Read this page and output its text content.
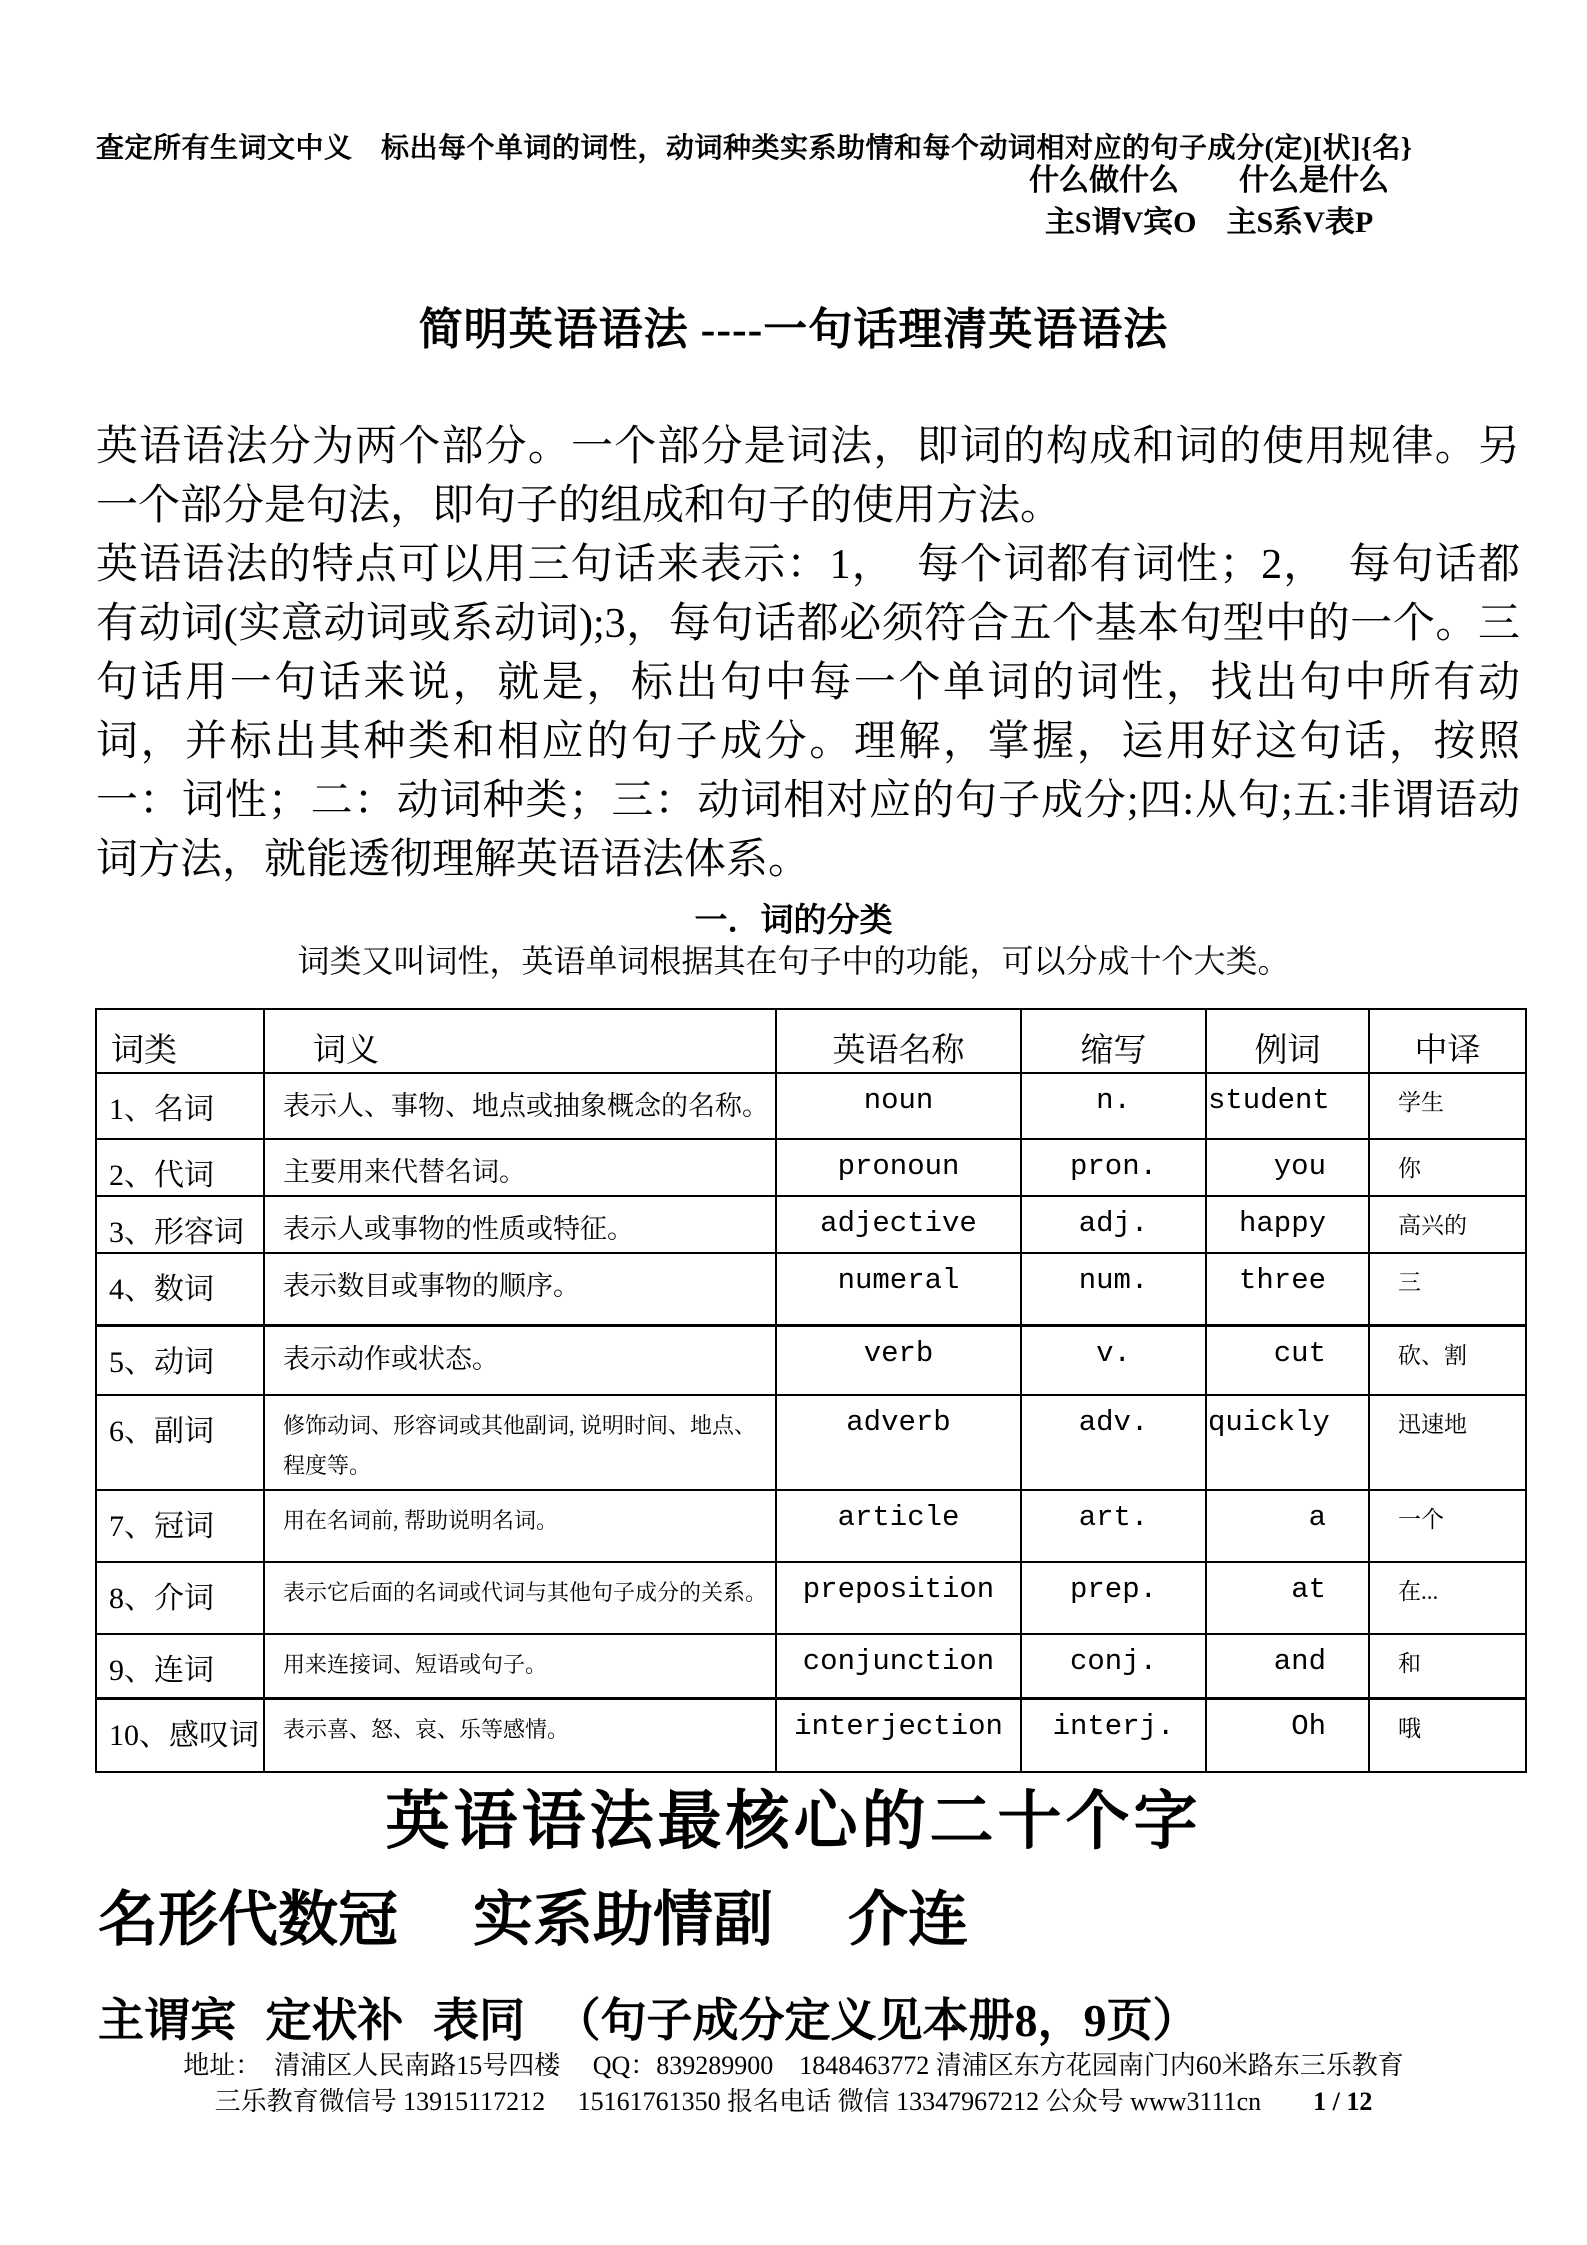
查定所有生词文中义　标出每个单词的词性，动词种类实系助情和每个动词相对应的句子成分(定)[状]{名}
什么做什么　　什么是什么
主S谓V宾O　主S系V表P
简明英语语法 ----一句话理清英语语法

英语语法分为两个部分。一个部分是词法，即词的构成和词的使用规律。另一个部分是句法，即句子的组成和句子的使用方法。

英语语法的特点可以用三句话来表示：1，　每个词都有词性；2，　每句话都有动词(实意动词或系动词);3，每句话都必须符合五个基本句型中的一个。三句话用一句话来说，就是，标出句中每一个单词的词性，找出句中所有动词，并标出其种类和相应的句子成分。理解，掌握，运用好这句话，按照一：词性；二：动词种类；三：动词相对应的句子成分;四:从句;五:非谓语动词方法，就能透彻理解英语语法体系。

一．词的分类
词类又叫词性，英语单词根据其在句子中的功能，可以分成十个大类。
词类	词义	英语名称	缩写	例词	中译
1、名词	表示人、事物、地点或抽象概念的名称。	noun	n.	student	学生
2、代词	主要用来代替名词。	pronoun	pron.	you	你
3、形容词	表示人或事物的性质或特征。	adjective	adj.	happy	高兴的
4、数词	表示数目或事物的顺序。	numeral	num.	three	三
5、动词	表示动作或状态。	verb	v.	cut	砍、割
6、副词	修饰动词、形容词或其他副词, 说明时间、地点、程度等。	adverb	adv.	quickly	迅速地
7、冠词	用在名词前, 帮助说明名词。	article	art.	a	一个
8、介词	表示它后面的名词或代词与其他句子成分的关系。	preposition	prep.	at	在...
9、连词	用来连接词、短语或句子。	conjunction	conj.	and	和
10、感叹词	表示喜、怒、哀、乐等感情。	interjection	interj.	Oh	哦
英语语法最核心的二十个字
名形代数冠　 实系助情副　 介连
主谓宾 定状补 表同 （句子成分定义见本册8，9页）
地址：　清浦区人民南路15号四楼　 QQ：839289900　1848463772 清浦区东方花园南门内60米路东三乐教育
三乐教育微信号 13915117212　 15161761350 报名电话 微信 13347967212 公众号 www3111cn 1 / 12
